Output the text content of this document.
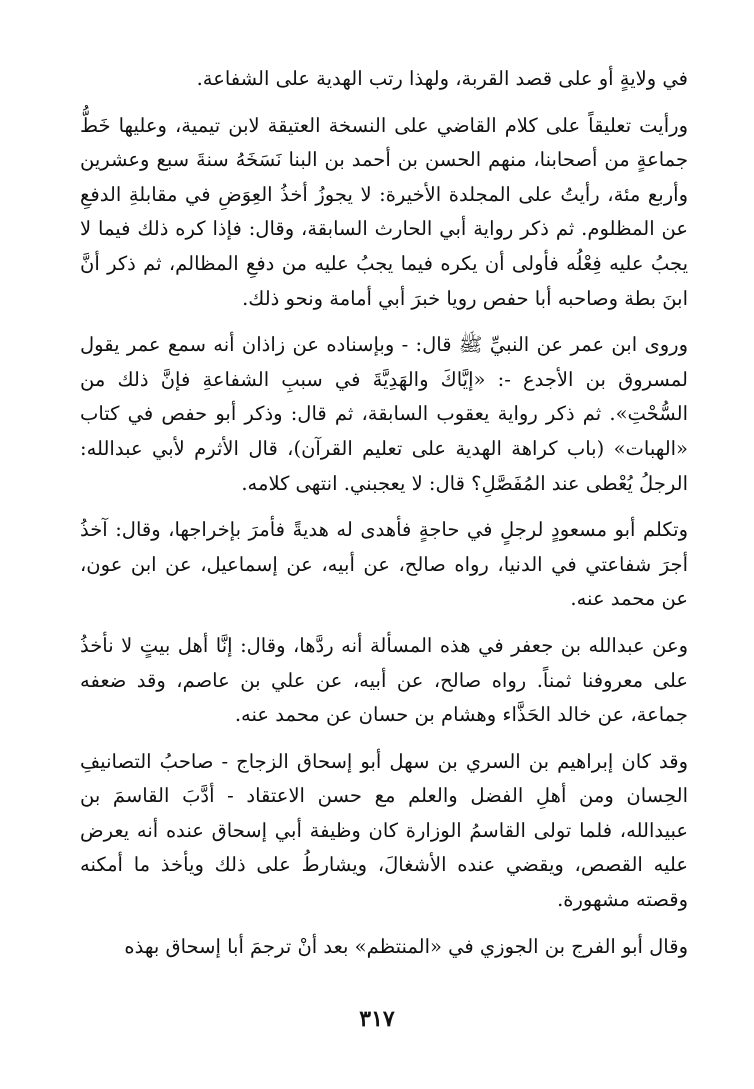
في ولايةٍ أو على قصد القربة، ولهذا رتب الهدية على الشفاعة.

ورأيت تعليقاً على كلام القاضي على النسخة العتيقة لابن تيمية، وعليها خَطُّ جماعةٍ من أصحابنا، منهم الحسن بن أحمد بن البنا نَسَخَهُ سنةَ سبع وعشرين وأربع مئة، رأيتُ على المجلدة الأخيرة: لا يجوزُ أخذُ العِوَضِ في مقابلةِ الدفعِ عن المظلوم. ثم ذكر رواية أبي الحارث السابقة، وقال: فإذا كره ذلك فيما لا يجبُ عليه فِعْلُه فأولى أن يكره فيما يجبُ عليه من دفعِ المظالم، ثم ذكر أنَّ ابنَ بطة وصاحبه أبا حفص رويا خبرَ أبي أمامة ونحو ذلك.

وروى ابن عمر عن النبيِّ ﷺ قال: - وبإسناده عن زاذان أنه سمع عمر يقول لمسروق بن الأجدع -: «إيَّاكَ والهَدِيَّةَ في سببِ الشفاعةِ فإنَّ ذلك من السُّحْتِ». ثم ذكر رواية يعقوب السابقة، ثم قال: وذكر أبو حفص في كتاب «الهبات» (باب كراهة الهدية على تعليم القرآن)، قال الأثرم لأبي عبدالله: الرجلُ يُعْطى عند المُفَصَّلِ؟ قال: لا يعجبني. انتهى كلامه.

وتكلم أبو مسعودٍ لرجلٍ في حاجةٍ فأهدى له هديةً فأمرَ بإخراجها، وقال: آخذُ أجرَ شفاعتي في الدنيا، رواه صالح، عن أبيه، عن إسماعيل، عن ابن عون، عن محمد عنه.

وعن عبدالله بن جعفر في هذه المسألة أنه ردَّها، وقال: إنَّا أهل بيتٍ لا نأخذُ على معروفنا ثمناً. رواه صالح، عن أبيه، عن علي بن عاصم، وقد ضعفه جماعة، عن خالد الحَذَّاء وهشام بن حسان عن محمد عنه.

وقد كان إبراهيم بن السري بن سهل أبو إسحاق الزجاج - صاحبُ التصانيفِ الحِسان ومن أهلِ الفضل والعلم مع حسن الاعتقاد - أدَّبَ القاسمَ بن عبيدالله، فلما تولى القاسمُ الوزارة كان وظيفة أبي إسحاق عنده أنه يعرض عليه القصص، ويقضي عنده الأشغالَ، ويشارطُ على ذلك ويأخذ ما أمكنه وقصته مشهورة.

وقال أبو الفرج بن الجوزي في «المنتظم» بعد أنْ ترجمَ أبا إسحاق بهذه

٣١٧
